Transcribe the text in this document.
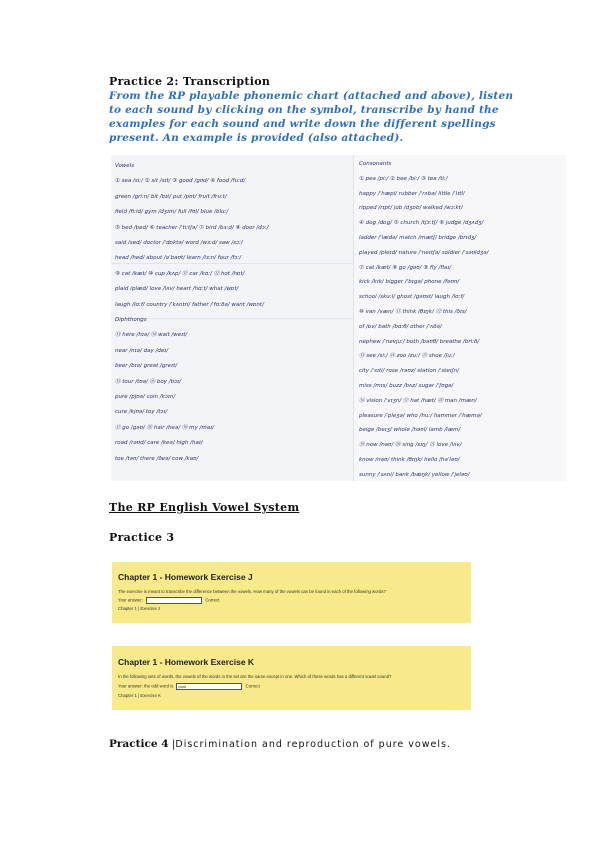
Practice 2: Transcription
From the RP playable phonemic chart (attached and above), listen to each sound by clicking on the symbol, transcribe by hand the examples for each sound and write down the different spellings present. An example is provided (also attached).
Vowels
① sea /siː/ ② sit /sɪt/ ③ good /ɡʊd/ ④ food /fuːd/
green /ɡriːn/ bit /bɪt/ put /pʊt/ fruit /fruːt/
field /fiːld/ gym /dʒɪm/ full /fʊl/ blue /bluː/
⑤ bed /bed/ ⑥ teacher /ˈtiːtʃə/ ⑦ bird /bɜːd/ ⑧ door /dɔː/
said /sed/ doctor /ˈdɒktə/ word /wɜːd/ saw /sɔː/
head /hed/ about /əˈbaʊt/ learn /lɜːn/ four /fɔː/
⑨ cat /kæt/ ⑩ cup /kʌp/ ⑪ car /kɑː/ ⑫ hot /hɒt/
plaid /plæd/ love /lʌv/ heart /hɑːt/ what /wɒt/
laugh /lɑːf/ country /ˈkʌntri/ father /ˈfɑːðə/ want /wɒnt/
Diphthongs
⑬ here /hɪə/ ⑭ wait /weɪt/
near /nɪə/ day /deɪ/
beer /bɪə/ great /ɡreɪt/
⑮ tour /tʊə/ ⑯ boy /bɔɪ/
pure /pjʊə/ coin /kɔɪn/
cure /kjʊə/ toy /tɔɪ/
⑰ go /ɡəʊ/ ⑱ hair /heə/ ⑲ my /maɪ/
road /rəʊd/ care /keə/ high /haɪ/
toe /təʊ/ there /ðeə/ cow /kaʊ/
Consonants
① pea /piː/ ② bee /biː/ ③ tea /tiː/
happy /ˈhæpi/ rubber /ˈrʌbə/ little /ˈlɪtl/
ripped /rɪpt/ job /dʒɒb/ walked /wɔːkt/
④ dog /dɒɡ/ ⑤ church /tʃɜːtʃ/ ⑥ judge /dʒʌdʒ/
ladder /ˈlædə/ match /mætʃ/ bridge /brɪdʒ/
played /pleɪd/ nature /ˈneɪtʃə/ soldier /ˈsəʊldʒə/
⑦ cat /kæt/ ⑧ go /ɡəʊ/ ⑨ fly /flaɪ/
kick /kɪk/ bigger /ˈbɪɡə/ phone /fəʊn/
school /skuːl/ ghost /ɡəʊst/ laugh /lɑːf/
⑩ van /væn/ ⑪ think /θɪŋk/ ⑫ this /ðɪs/
of /ɒv/ bath /bɑːθ/ other /ˈʌðə/
nephew /ˈnevjuː/ both /bəʊθ/ breathe /briːð/
⑬ see /siː/ ⑭ zoo /zuː/ ⑮ shoe /ʃuː/
city /ˈsɪti/ rose /rəʊz/ station /ˈsteɪʃn/
miss /mɪs/ buzz /bʌz/ sugar /ˈʃʊɡə/
⑯ vision /ˈvɪʒn/ ⑰ hat /hæt/ ⑱ man /mæn/
pleasure /ˈpleʒə/ who /huː/ hammer /ˈhæmə/
beige /beɪʒ/ whole /həʊl/ lamb /læm/
⑲ now /naʊ/ ⑳ sing /sɪŋ/ ㉑ love /lʌv/
know /nəʊ/ think /θɪŋk/ hello /həˈləʊ/
sunny /ˈsʌni/ bank /bæŋk/ yellow /ˈjeləʊ/
The RP English Vowel System
Practice 3
Chapter 1 - Homework Exercise J
The exercise is meant to transcribe the difference between the vowels. How many of the vowels can be found in each of the following words?
Your answer:	Correct
Chapter 1 | Exercise J
Chapter 1 - Homework Exercise K
In the following sets of words, the vowels of the words in the set are the same except in one. Which of these words has a different vowel sound?
Your answer: the odd word is boot	Correct
Chapter 1 | Exercise K
Practice 4 |Discrimination and reproduction of pure vowels.
